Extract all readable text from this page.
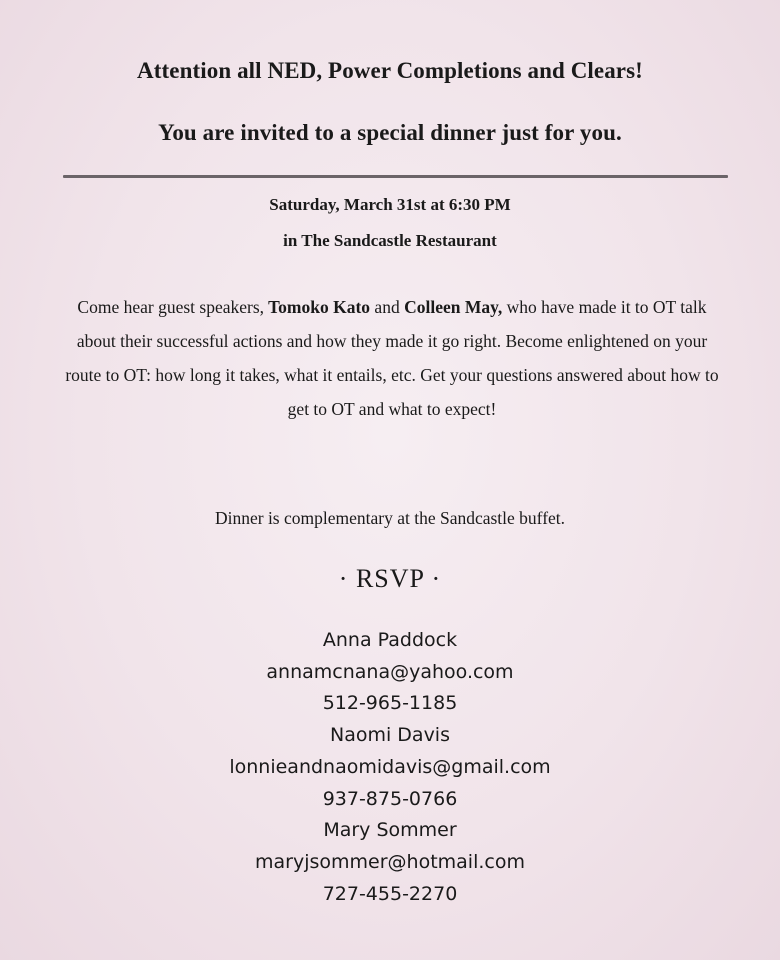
Attention all NED, Power Completions and Clears!
You are invited to a special dinner just for you.
Saturday, March 31st at 6:30 PM
in The Sandcastle Restaurant
Come hear guest speakers, Tomoko Kato and Colleen May, who have made it to OT talk about their successful actions and how they made it go right. Become enlightened on your route to OT: how long it takes, what it entails, etc. Get your questions answered about how to get to OT and what to expect!
Dinner is complementary at the Sandcastle buffet.
· RSVP ·
Anna Paddock
annamcnana@yahoo.com
512-965-1185
Naomi Davis
lonnieandnaomidavis@gmail.com
937-875-0766
Mary Sommer
maryjsommer@hotmail.com
727-455-2270
